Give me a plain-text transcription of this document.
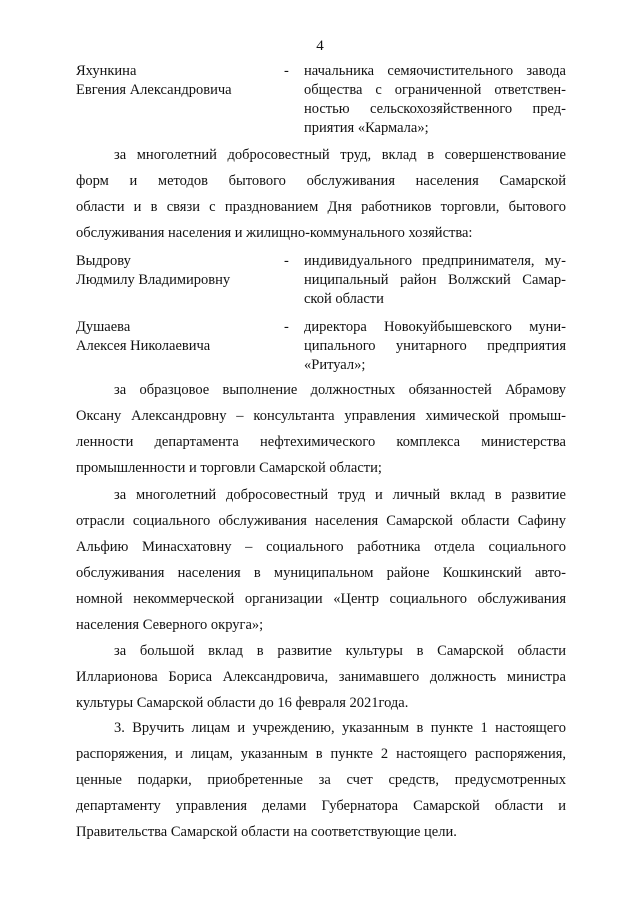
4
Яхункина
Евгения Александровича
- начальника семяочистительного завода
общества с ограниченной ответствен-
ностью сельскохозяйственного пред-
приятия «Кармала»;
за многолетний добросовестный труд, вклад в совершенствование
форм и методов бытового обслуживания населения Самарской
области и в связи с празднованием Дня работников торговли, бытового
обслуживания населения и жилищно-коммунального хозяйства:
Выдрову
Людмилу Владимировну
- индивидуального предпринимателя, му-
ниципальный район Волжский Самар-
ской области
Душаева
Алексея Николаевича
- директора Новокуйбышевского муни-
ципального унитарного предприятия
«Ритуал»;
за образцовое выполнение должностных обязанностей Абрамову
Оксану Александровну – консультанта управления химической промыш-
ленности департамента нефтехимического комплекса министерства
промышленности и торговли Самарской области;
за многолетний добросовестный труд и личный вклад в развитие
отрасли социального обслуживания населения Самарской области Сафину
Альфию Минасхатовну – социального работника отдела социального
обслуживания населения в муниципальном районе Кошкинский авто-
номной некоммерческой организации «Центр социального обслуживания
населения Северного округа»;
за большой вклад в развитие культуры в Самарской области
Илларионова Бориса Александровича, занимавшего должность министра
культуры Самарской области до 16 февраля 2021года.
3. Вручить лицам и учреждению, указанным в пункте 1 настоящего
распоряжения, и лицам, указанным в пункте 2 настоящего распоряжения,
ценные подарки, приобретенные за счет средств, предусмотренных
департаменту управления делами Губернатора Самарской области и
Правительства Самарской области на соответствующие цели.
